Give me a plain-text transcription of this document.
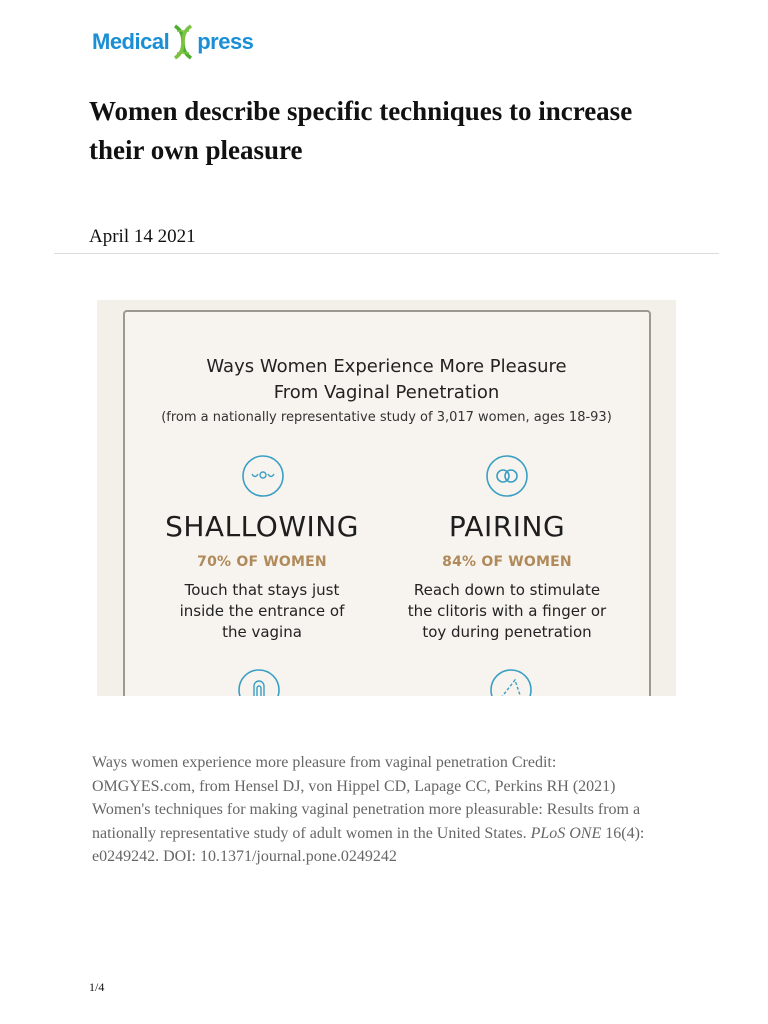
Medical press
Women describe specific techniques to increase their own pleasure
April 14 2021
Ways Women Experience More Pleasure
From Vaginal Penetration
(from a nationally representative study of 3,017 women, ages 18-93)
SHALLOWING
70% OF WOMEN
Touch that stays just
inside the entrance of
the vagina
PAIRING
84% OF WOMEN
Reach down to stimulate
the clitoris with a finger or
toy during penetration

Ways women experience more pleasure from vaginal penetration Credit: OMGYES.com, from Hensel DJ, von Hippel CD, Lapage CC, Perkins RH (2021) Women's techniques for making vaginal penetration more pleasurable: Results from a nationally representative study of adult women in the United States. PLoS ONE 16(4): e0249242. DOI: 10.1371/journal.pone.0249242

1/4
